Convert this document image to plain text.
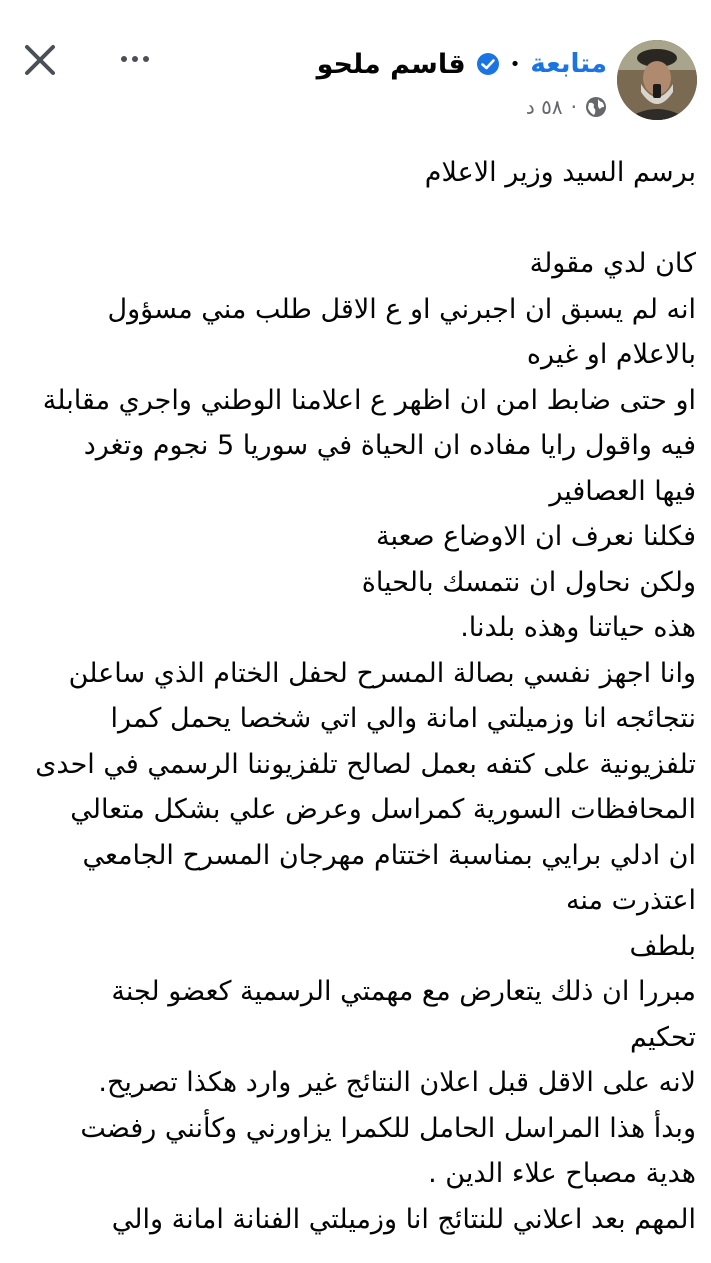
قاسم ملحو • متابعة
٥٨ د ·
برسم السيد وزير الاعلام
كان لدي مقولة
انه لم يسبق ان اجبرني او ع الاقل طلب مني مسؤول
بالاعلام او غيره
او حتى ضابط امن ان اظهر ع اعلامنا الوطني واجري مقابلة
فيه واقول رايا مفاده ان الحياة في سوريا 5 نجوم وتغرد
فيها العصافير
فكلنا نعرف ان الاوضاع صعبة
ولكن نحاول ان نتمسك بالحياة
هذه حياتنا وهذه بلدنا.
وانا اجهز نفسي بصالة المسرح لحفل الختام الذي ساعلن
نتجائجه انا وزميلتي امانة والي اتي شخصا يحمل كمرا
تلفزيونية على كتفه بعمل لصالح تلفزيوننا الرسمي في احدى
المحافظات السورية كمراسل وعرض علي بشكل متعالي
ان ادلي برايي بمناسبة اختتام مهرجان المسرح الجامعي
اعتذرت منه
بلطف
مبررا ان ذلك يتعارض مع مهمتي الرسمية كعضو لجنة
تحكيم
لانه على الاقل قبل اعلان النتائج غير وارد هكذا تصريح.
وبدأ هذا المراسل الحامل للكمرا يزاورني وكأنني رفضت
هدية مصباح علاء الدين .
المهم بعد اعلاني للنتائج انا وزميلتي الفنانة امانة والي
